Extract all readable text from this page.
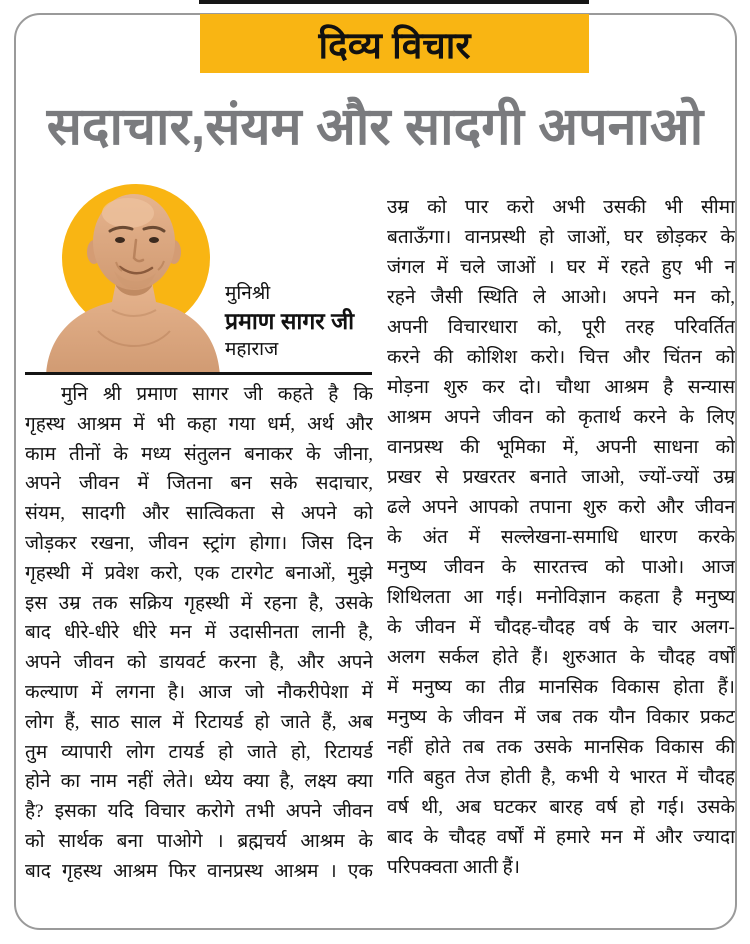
दिव्य विचार
सदाचार,संयम और सादगी अपनाओ
मुनिश्री
प्रमाण सागर जी
महाराज
मुनि श्री प्रमाण सागर जी कहते है कि
गृहस्थ आश्रम में भी कहा गया धर्म, अर्थ और
काम तीनों के मध्य संतुलन बनाकर के जीना,
अपने जीवन में जितना बन सके सदाचार,
संयम, सादगी और सात्विकता से अपने को
जोड़कर रखना, जीवन स्ट्रांग होगा। जिस दिन
गृहस्थी में प्रवेश करो, एक टारगेट बनाओं, मुझे
इस उम्र तक सक्रिय गृहस्थी में रहना है, उसके
बाद धीरे-धीरे धीरे मन में उदासीनता लानी है,
अपने जीवन को डायवर्ट करना है, और अपने
कल्याण में लगना है। आज जो नौकरीपेशा में
लोग हैं, साठ साल में रिटायर्ड हो जाते हैं, अब
तुम व्यापारी लोग टायर्ड हो जाते हो, रिटायर्ड
होने का नाम नहीं लेते। ध्येय क्या है, लक्ष्य क्या
है? इसका यदि विचार करोगे तभी अपने जीवन
को सार्थक बना पाओगे । ब्रह्मचर्य आश्रम के
बाद गृहस्थ आश्रम फिर वानप्रस्थ आश्रम । एक
उम्र को पार करो अभी उसकी भी सीमा
बताऊँगा। वानप्रस्थी हो जाओं, घर छोड़कर के
जंगल में चले जाओं । घर में रहते हुए भी न
रहने जैसी स्थिति ले आओ। अपने मन को,
अपनी विचारधारा को, पूरी तरह परिवर्तित
करने की कोशिश करो। चित्त और चिंतन को
मोड़ना शुरु कर दो। चौथा आश्रम है सन्यास
आश्रम अपने जीवन को कृतार्थ करने के लिए
वानप्रस्थ की भूमिका में, अपनी साधना को
प्रखर से प्रखरतर बनाते जाओ, ज्यों-ज्यों उम्र
ढले अपने आपको तपाना शुरु करो और जीवन
के अंत में सल्लेखना-समाधि धारण करके
मनुष्य जीवन के सारतत्त्व को पाओ। आज
शिथिलता आ गई। मनोविज्ञान कहता है मनुष्य
के जीवन में चौदह-चौदह वर्ष के चार अलग-
अलग सर्कल होते हैं। शुरुआत के चौदह वर्षों
में मनुष्य का तीव्र मानसिक विकास होता हैं।
मनुष्य के जीवन में जब तक यौन विकार प्रकट
नहीं होते तब तक उसके मानसिक विकास की
गति बहुत तेज होती है, कभी ये भारत में चौदह
वर्ष थी, अब घटकर बारह वर्ष हो गई। उसके
बाद के चौदह वर्षों में हमारे मन में और ज्यादा
परिपक्वता आती हैं।
